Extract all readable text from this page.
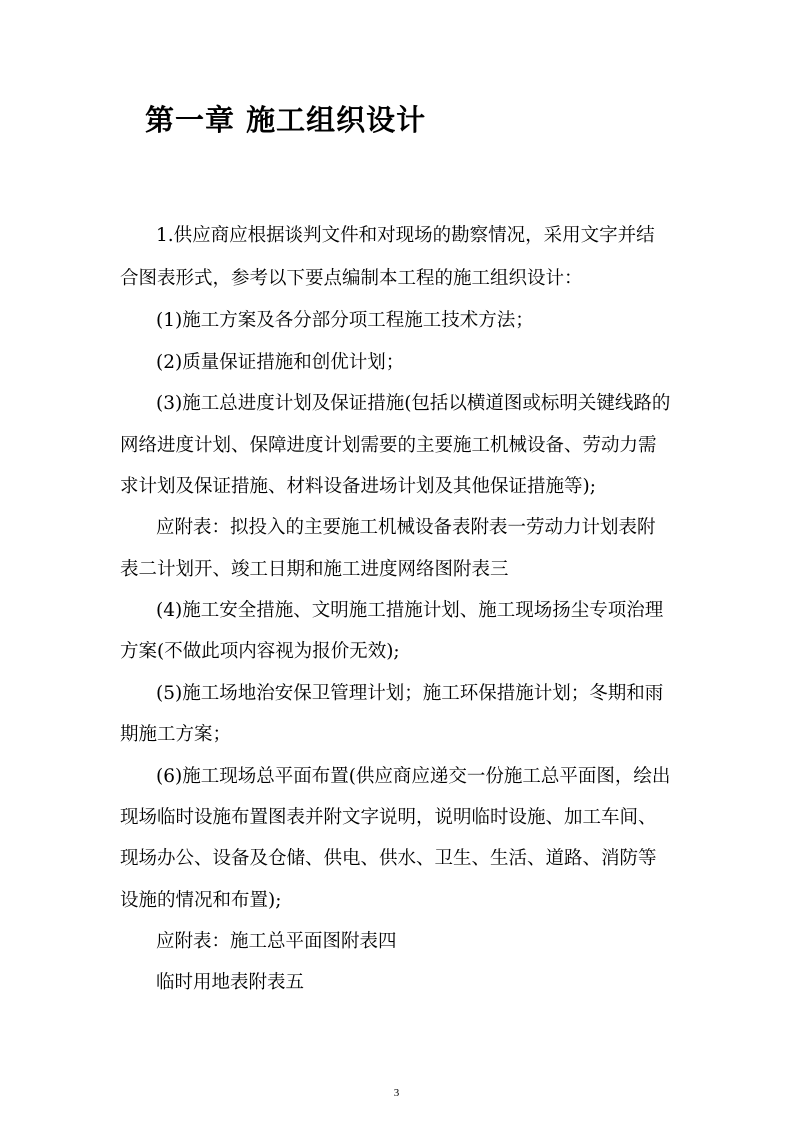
第一章 施工组织设计

1.供应商应根据谈判文件和对现场的勘察情况，采用文字并结

合图表形式，参考以下要点编制本工程的施工组织设计：

(1)施工方案及各分部分项工程施工技术方法；

(2)质量保证措施和创优计划；

(3)施工总进度计划及保证措施(包括以横道图或标明关键线路的

网络进度计划、保障进度计划需要的主要施工机械设备、劳动力需

求计划及保证措施、材料设备进场计划及其他保证措施等);

应附表：拟投入的主要施工机械设备表附表一劳动力计划表附

表二计划开、竣工日期和施工进度网络图附表三

(4)施工安全措施、文明施工措施计划、施工现场扬尘专项治理

方案(不做此项内容视为报价无效);

(5)施工场地治安保卫管理计划；施工环保措施计划；冬期和雨

期施工方案；

(6)施工现场总平面布置(供应商应递交一份施工总平面图，绘出

现场临时设施布置图表并附文字说明，说明临时设施、加工车间、

现场办公、设备及仓储、供电、供水、卫生、生活、道路、消防等

设施的情况和布置);

应附表：施工总平面图附表四

临时用地表附表五

3
